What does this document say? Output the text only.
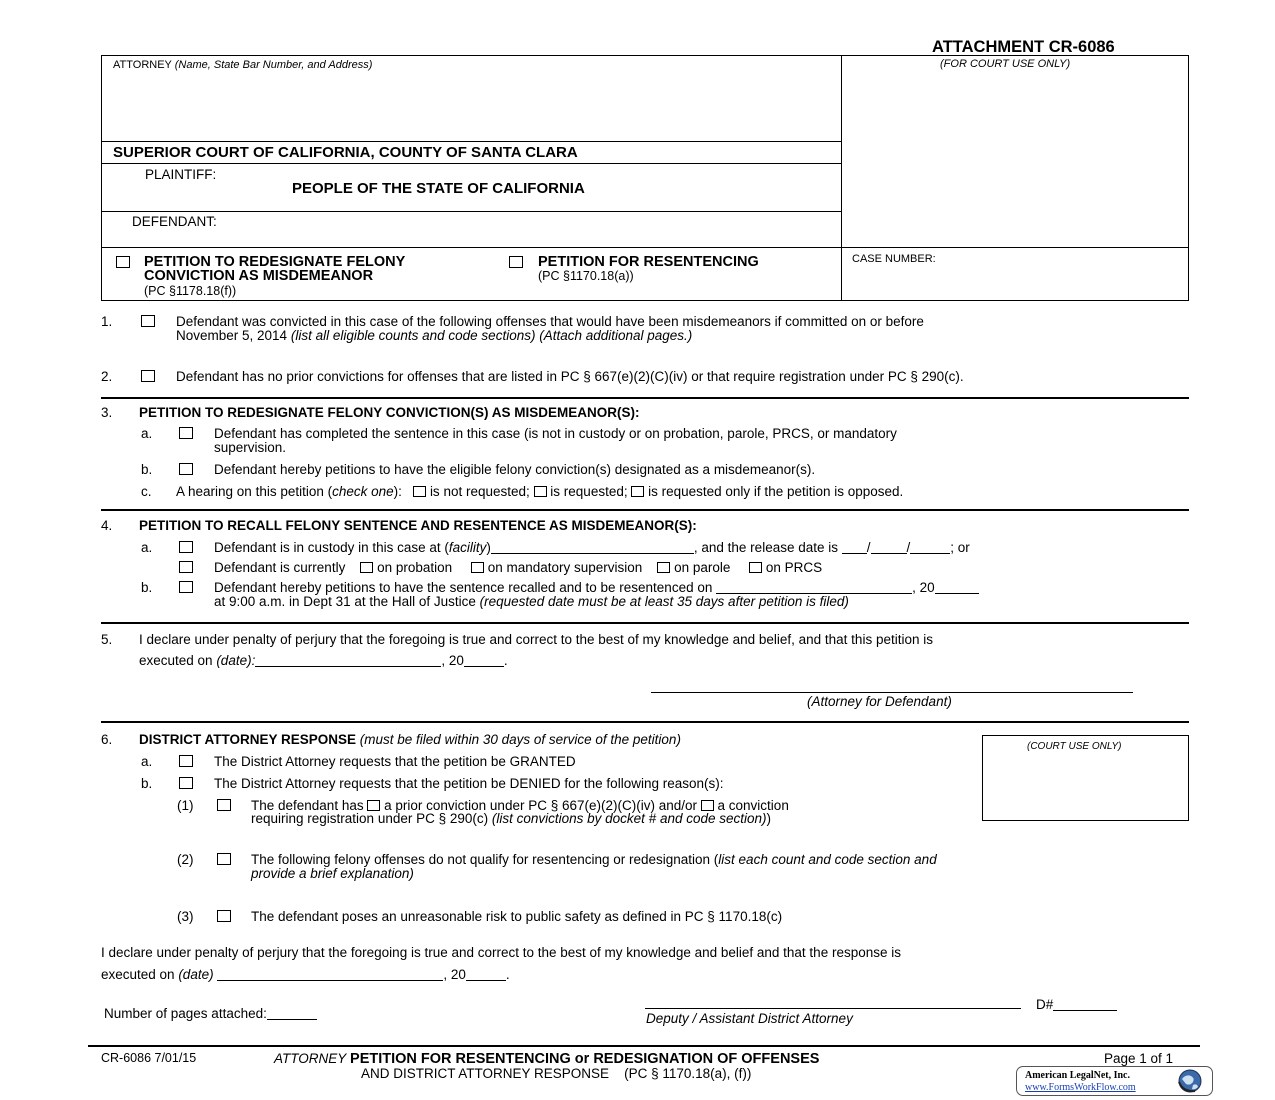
ATTACHMENT CR-6086
ATTORNEY (Name, State Bar Number, and Address)	(FOR COURT USE ONLY)
SUPERIOR COURT OF CALIFORNIA, COUNTY OF SANTA CLARA
PLAINTIFF:
PEOPLE OF THE STATE OF CALIFORNIA
DEFENDANT:
PETITION TO REDESIGNATE FELONY
CONVICTION AS MISDEMEANOR
(PC §1178.18(f))
PETITION FOR RESENTENCING
(PC §1170.18(a))
CASE NUMBER:
1.	Defendant was convicted in this case of the following offenses that would have been misdemeanors if committed on or before
November 5, 2014 (list all eligible counts and code sections) (Attach additional pages.)
2.	Defendant has no prior convictions for offenses that are listed in PC § 667(e)(2)(C)(iv) or that require registration under PC § 290(c).
3. PETITION TO REDESIGNATE FELONY CONVICTION(S) AS MISDEMEANOR(S):
a.	Defendant has completed the sentence in this case (is not in custody or on probation, parole, PRCS, or mandatory
supervision.
b.	Defendant hereby petitions to have the eligible felony conviction(s) designated as a misdemeanor(s).
c. A hearing on this petition (check one): is not requested; is requested; is requested only if the petition is opposed.
4. PETITION TO RECALL FELONY SENTENCE AND RESENTENCE AS MISDEMEANOR(S):
a.	Defendant is in custody in this case at (facility)	, and the release date is /	/	; or
Defendant is currently on probation	on mandatory supervision on parole	on PRCS
b.	Defendant hereby petitions to have the sentence recalled and to be resentenced on	, 20
at 9:00 a.m. in Dept 31 at the Hall of Justice (requested date must be at least 35 days after petition is filed)
5. I declare under penalty of perjury that the foregoing is true and correct to the best of my knowledge and belief, and that this petition is
executed on (date):	, 20	.
(Attorney for Defendant)
6. DISTRICT ATTORNEY RESPONSE (must be filed within 30 days of service of the petition)	(COURT USE ONLY)
a.	The District Attorney requests that the petition be GRANTED
b.	The District Attorney requests that the petition be DENIED for the following reason(s):
(1)	The defendant has a prior conviction under PC § 667(e)(2)(C)(iv) and/or a conviction
requiring registration under PC § 290(c) (list convictions by docket # and code section))
(2)	The following felony offenses do not qualify for resentencing or redesignation (list each count and code section and
provide a brief explanation)
(3)	The defendant poses an unreasonable risk to public safety as defined in PC § 1170.18(c)
I declare under penalty of perjury that the foregoing is true and correct to the best of my knowledge and belief and that the response is
executed on (date)	, 20	.
Number of pages attached:
D#
Deputy / Assistant District Attorney
CR-6086 7/01/15	ATTORNEY PETITION FOR RESENTENCING or REDESIGNATION OF OFFENSES
AND DISTRICT ATTORNEY RESPONSE (PC § 1170.18(a), (f))
Page 1 of 1
American LegalNet, Inc.
www.FormsWorkFlow.com
